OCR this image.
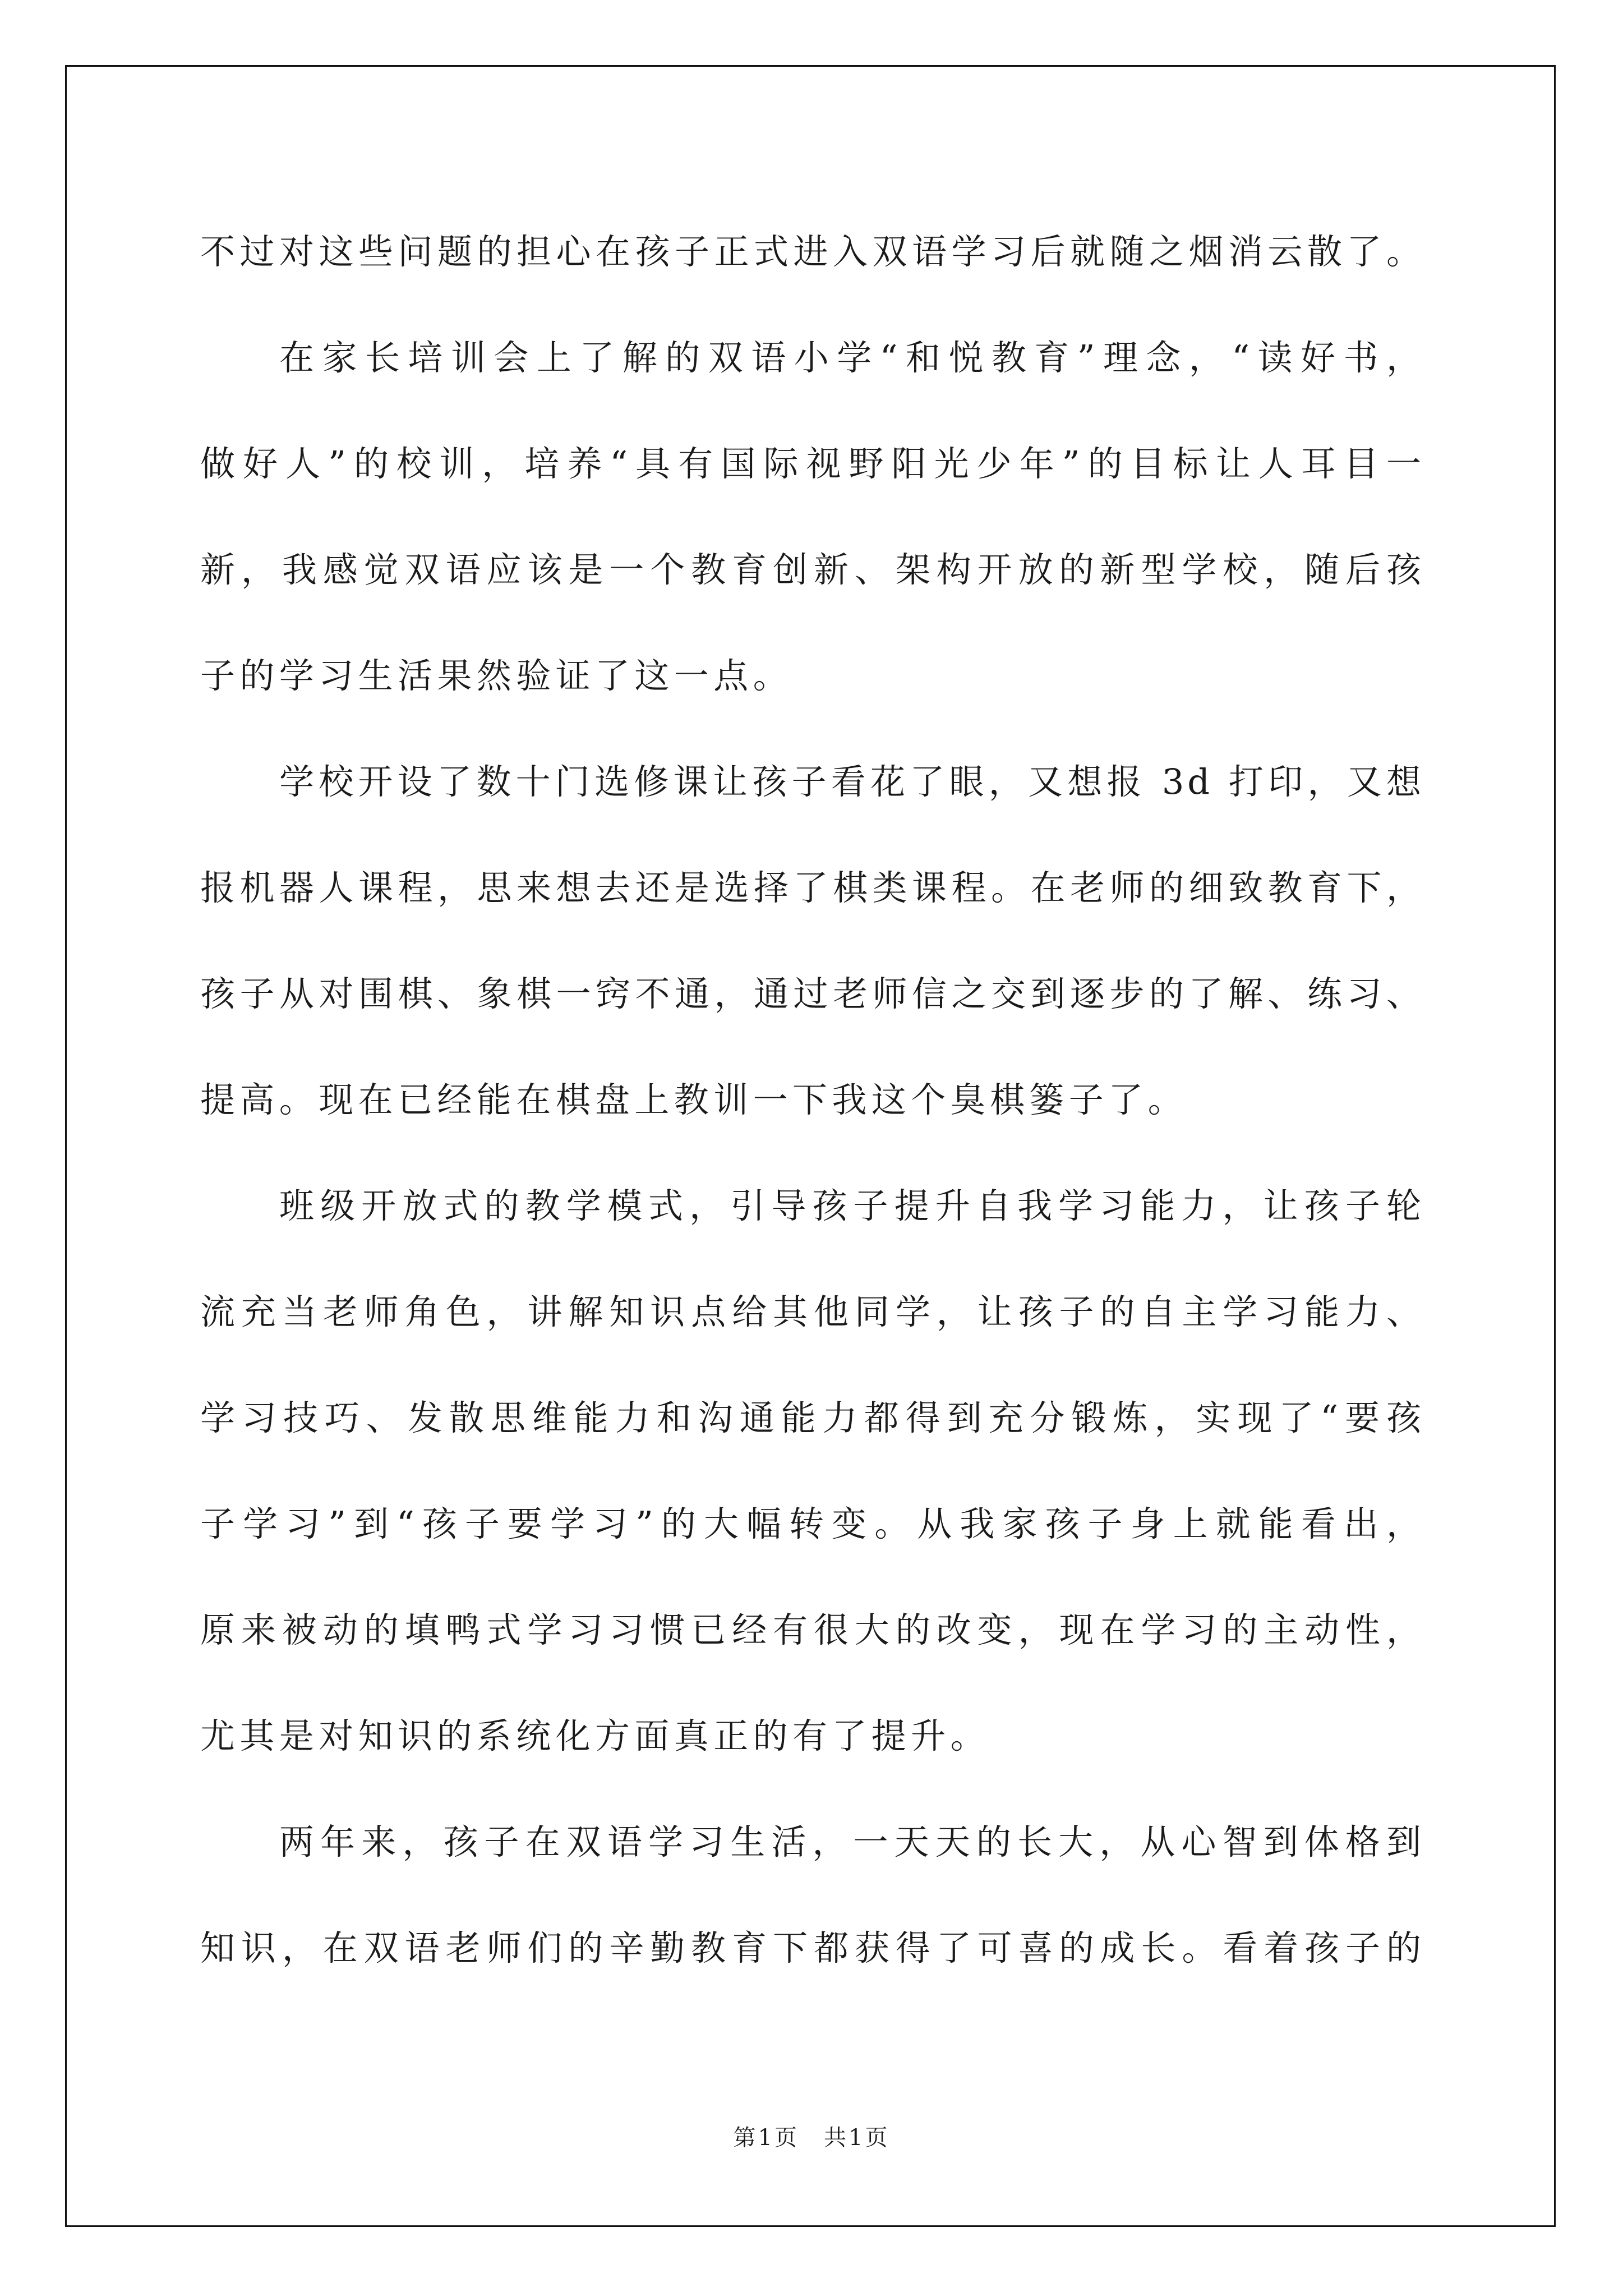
不过对这些问题的担心在孩子正式进入双语学习后就随之烟消云散了。
在家长培训会上了解的双语小学“和悦教育”理念，“读好书，
做好人”的校训，培养“具有国际视野阳光少年”的目标让人耳目一
新，我感觉双语应该是一个教育创新、架构开放的新型学校，随后孩
子的学习生活果然验证了这一点。
学校开设了数十门选修课让孩子看花了眼，又想报 3d 打印，又想
报机器人课程，思来想去还是选择了棋类课程。在老师的细致教育下，
孩子从对围棋、象棋一窍不通，通过老师信之交到逐步的了解、练习、
提高。现在已经能在棋盘上教训一下我这个臭棋篓子了。
班级开放式的教学模式，引导孩子提升自我学习能力，让孩子轮
流充当老师角色，讲解知识点给其他同学，让孩子的自主学习能力、
学习技巧、发散思维能力和沟通能力都得到充分锻炼，实现了“要孩
子学习”到“孩子要学习”的大幅转变。从我家孩子身上就能看出，
原来被动的填鸭式学习习惯已经有很大的改变，现在学习的主动性，
尤其是对知识的系统化方面真正的有了提升。
两年来，孩子在双语学习生活，一天天的长大，从心智到体格到
知识，在双语老师们的辛勤教育下都获得了可喜的成长。看着孩子的
第1页　共1页
